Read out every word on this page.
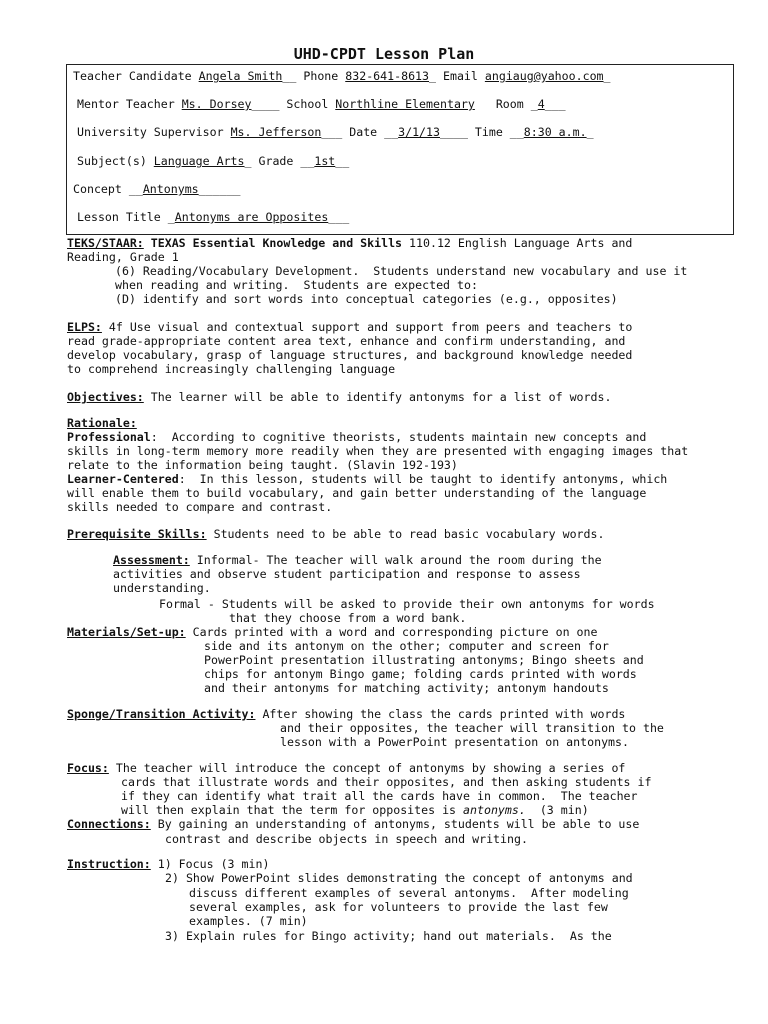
UHD-CPDT Lesson Plan
Teacher Candidate Angela Smith__ Phone 832-641-8613_ Email angiaug@yahoo.com_
Mentor Teacher Ms. Dorsey____ School Northline Elementary   Room _4___
University Supervisor Ms. Jefferson___ Date __3/1/13____ Time __8:30 a.m._
Subject(s) Language Arts_ Grade __1st__
Concept __Antonyms______
Lesson Title _Antonyms are Opposites___
TEKS/STAAR: TEXAS Essential Knowledge and Skills 110.12 English Language Arts and
Reading, Grade 1
(6) Reading/Vocabulary Development.  Students understand new vocabulary and use it
when reading and writing.  Students are expected to:
(D) identify and sort words into conceptual categories (e.g., opposites)
ELPS: 4f Use visual and contextual support and support from peers and teachers to
read grade-appropriate content area text, enhance and confirm understanding, and
develop vocabulary, grasp of language structures, and background knowledge needed
to comprehend increasingly challenging language
Objectives: The learner will be able to identify antonyms for a list of words.
Rationale:
Professional:  According to cognitive theorists, students maintain new concepts and
skills in long-term memory more readily when they are presented with engaging images that
relate to the information being taught. (Slavin 192-193)
Learner-Centered:  In this lesson, students will be taught to identify antonyms, which
will enable them to build vocabulary, and gain better understanding of the language
skills needed to compare and contrast.
Prerequisite Skills: Students need to be able to read basic vocabulary words.
Assessment: Informal- The teacher will walk around the room during the
activities and observe student participation and response to assess
understanding.
Formal - Students will be asked to provide their own antonyms for words
that they choose from a word bank.
Materials/Set-up: Cards printed with a word and corresponding picture on one
side and its antonym on the other; computer and screen for
PowerPoint presentation illustrating antonyms; Bingo sheets and
chips for antonym Bingo game; folding cards printed with words
and their antonyms for matching activity; antonym handouts
Sponge/Transition Activity: After showing the class the cards printed with words
and their opposites, the teacher will transition to the
lesson with a PowerPoint presentation on antonyms.
Focus: The teacher will introduce the concept of antonyms by showing a series of
cards that illustrate words and their opposites, and then asking students if
if they can identify what trait all the cards have in common.  The teacher
will then explain that the term for opposites is antonyms.  (3 min)
Connections: By gaining an understanding of antonyms, students will be able to use
contrast and describe objects in speech and writing.
Instruction: 1) Focus (3 min)
2) Show PowerPoint slides demonstrating the concept of antonyms and
discuss different examples of several antonyms.  After modeling
several examples, ask for volunteers to provide the last few
examples. (7 min)
3) Explain rules for Bingo activity; hand out materials.  As the
